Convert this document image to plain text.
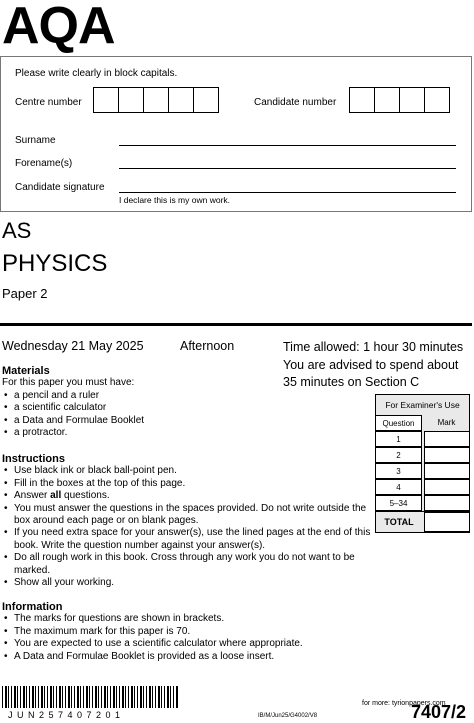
AQA
Please write clearly in block capitals.
Centre number	Candidate number
Surname
Forename(s)
Candidate signature
I declare this is my own work.
AS
PHYSICS
Paper 2
Wednesday 21 May 2025	Afternoon	Time allowed: 1 hour 30 minutes
You are advised to spend about
35 minutes on Section C
Materials
For this paper you must have:
• a pencil and a ruler
• a scientific calculator
• a Data and Formulae Booklet
• a protractor.
Instructions
• Use black ink or black ball-point pen.
• Fill in the boxes at the top of this page.
• Answer all questions.
• You must answer the questions in the spaces provided. Do not write outside the box around each page or on blank pages.
• If you need extra space for your answer(s), use the lined pages at the end of this book. Write the question number against your answer(s).
• Do all rough work in this book. Cross through any work you do not want to be marked.
• Show all your working.
Information
• The marks for questions are shown in brackets.
• The maximum mark for this paper is 70.
• You are expected to use a scientific calculator where appropriate.
• A Data and Formulae Booklet is provided as a loose insert.
For Examiner's Use
Question	Mark
1
2
3
4
5–34
TOTAL
J U N 2 5 7 4 0 7 2 0 1	IB/M/Jun25/G4002/V8
for more: tyrionpapers.com
7407/2
